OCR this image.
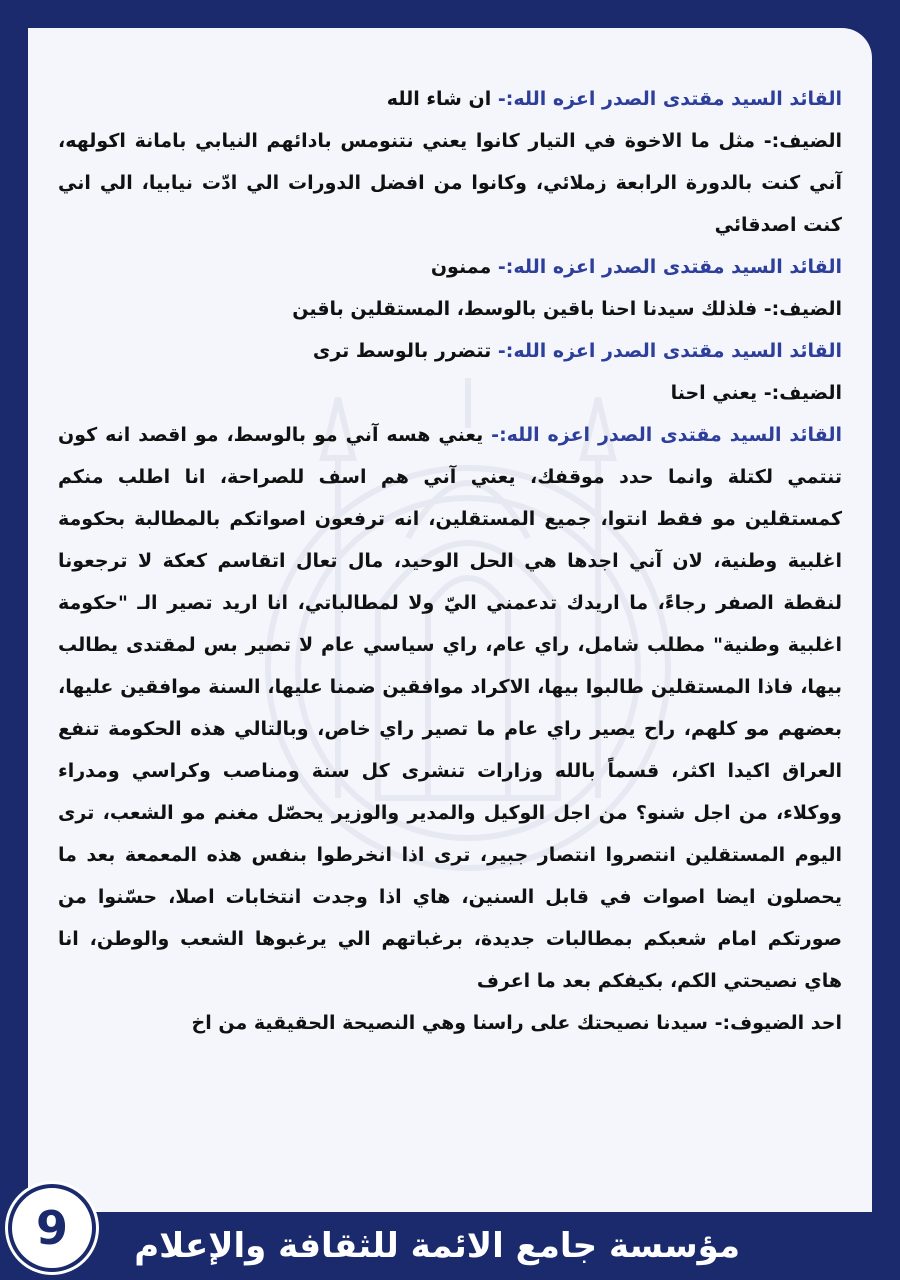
القائد السيد مقتدى الصدر اعزه الله:- ان شاء الله

الضيف:- مثل ما الاخوة في التيار كانوا يعني نتنومس بادائهم النيابي بامانة اكولهه، آني كنت بالدورة الرابعة زملائي، وكانوا من افضل الدورات الي ادّت نيابيا، الي اني كنت اصدقائي

القائد السيد مقتدى الصدر اعزه الله:- ممنون

الضيف:- فلذلك سيدنا احنا باقين بالوسط، المستقلين باقين

القائد السيد مقتدى الصدر اعزه الله:- تتضرر بالوسط ترى

الضيف:- يعني احنا

القائد السيد مقتدى الصدر اعزه الله:- يعني هسه آني مو بالوسط، مو اقصد انه كون تنتمي لكتلة وانما حدد موقفك، يعني آني هم اسف للصراحة، انا اطلب منكم كمستقلين مو فقط انتوا، جميع المستقلين، انه ترفعون اصواتكم بالمطالبة بحكومة اغلبية وطنية، لان آني اجدها هي الحل الوحيد، مال تعال اتقاسم كعكة لا ترجعونا لنقطة الصفر رجاءً، ما اريدك تدعمني اليّ ولا لمطالباتي، انا اريد تصير الـ "حكومة اغلبية وطنية" مطلب شامل، راي عام، راي سياسي عام لا تصير بس لمقتدى يطالب بيها، فاذا المستقلين طالبوا بيها، الاكراد موافقين ضمنا عليها، السنة موافقين عليها، بعضهم مو كلهم، راح يصير راي عام ما تصير راي خاص، وبالتالي هذه الحكومة تنفع العراق اكيدا اكثر، قسماً بالله وزارات تنشرى كل سنة ومناصب وكراسي ومدراء ووكلاء، من اجل شنو؟ من اجل الوكيل والمدير والوزير يحصّل مغنم مو الشعب، ترى اليوم المستقلين انتصروا انتصار جبير، ترى اذا انخرطوا بنفس هذه المعمعة بعد ما يحصلون ايضا اصوات في قابل السنين، هاي اذا وجدت انتخابات اصلا، حسّنوا من صورتكم امام شعبكم بمطالبات جديدة، برغباتهم الي يرغبوها الشعب والوطن، انا هاي نصيحتي الكم، بكيفكم بعد ما اعرف

احد الضيوف:- سيدنا نصيحتك على راسنا وهي النصيحة الحقيقية من اخ

مؤسسة جامع الائمة للثقافة والإعلام
9
